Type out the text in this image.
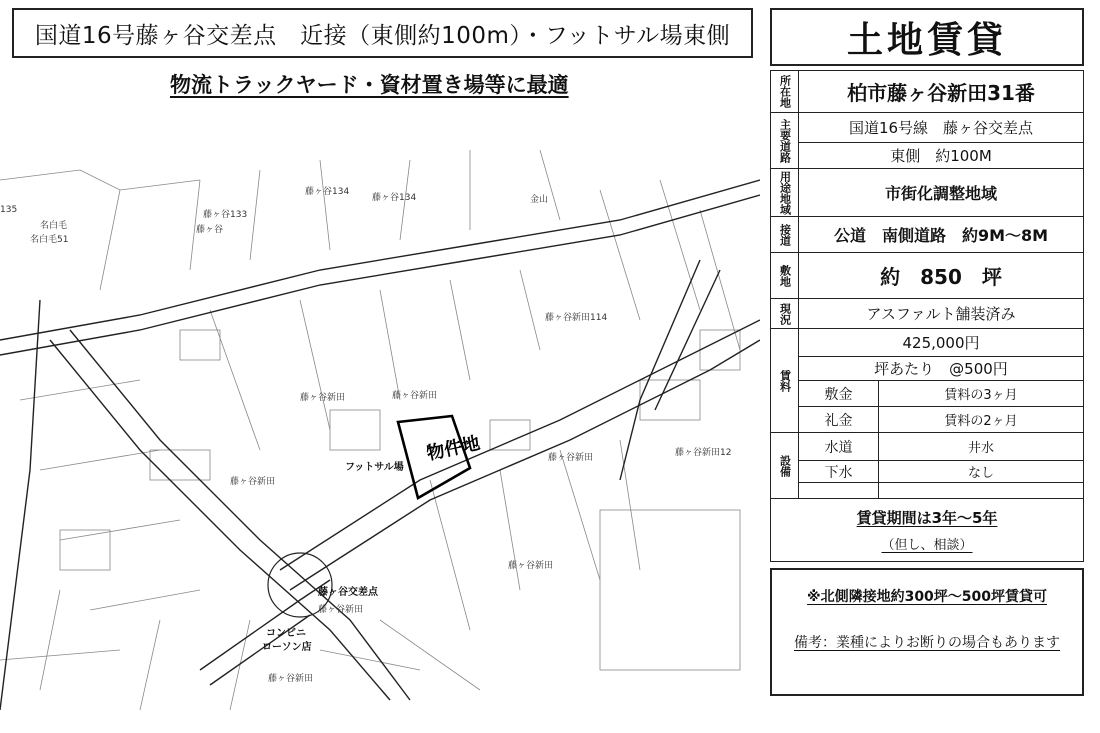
国道16号藤ヶ谷交差点　近接（東側約100m）・フットサル場東側
物流トラックヤード・資材置き場等に最適
物件地
藤ヶ谷134
藤ヶ谷134
藤ヶ谷133
藤ヶ谷
名白毛
名白毛51
135
金山
藤ヶ谷新田114
藤ヶ谷新田	藤ヶ谷新田
藤ヶ谷新田	藤ヶ谷新田12
藤ヶ谷新田
藤ヶ谷新田
藤ヶ谷新田
藤ヶ谷新田
フットサル場
藤ヶ谷交差点
コンビニ
ローソン店
土地賃貸
所在地	柏市藤ヶ谷新田31番	
主要道路	国道16号線　藤ヶ谷交差点	
	東側　約100M	
用途地域	市街化調整地域	
接道	公道　南側道路　約9M～8M	
敷地	約　850　坪	
現況	アスファルト舗装済み	
賃料	425,000円	
	坪あたり　@500円	
	敷金	賃料の3ヶ月
	礼金	賃料の2ヶ月
設備	水道	井水
	下水	なし

賃貸期間は3年～5年
（但し、相談）
※北側隣接地約300坪～500坪賃貸可
備考：業種によりお断りの場合もあります
